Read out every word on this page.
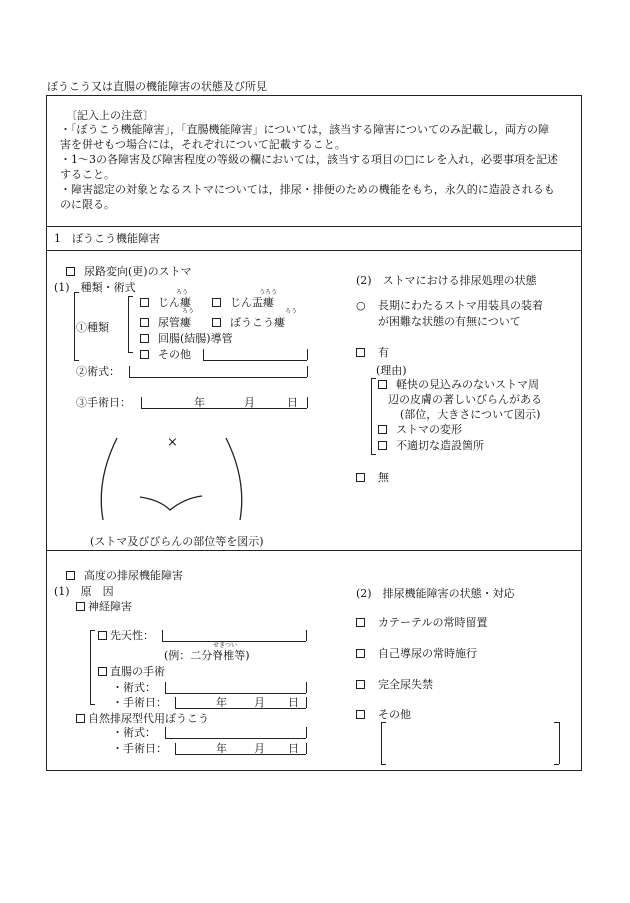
ぼうこう又は直腸の機能障害の状態及び所見
〔記入上の注意〕
・「ぼうこう機能障害」，「直腸機能障害」については，該当する障害についてのみ記載し，両方の障害を併せもつ場合には，それぞれについて記載すること。
・1～3の各障害及び障害程度の等級の欄においては，該当する項目の□にレを入れ，必要事項を記述すること。
・障害認定の対象となるストマについては，排尿・排便のための機能をもち，永久的に造設されるものに限る。
1　ぼうこう機能障害
尿路変向(更)のストマ
(1)　種類・術式
①種類
ろう	うろう
ろう	ろう
じん瘻	じん盂瘻
尿管瘻	ぼうこう瘻
回腸(結腸)導管
その他
②術式：
③手術日：	年	月	日
×
(ストマ及びびらんの部位等を図示)
(2)　ストマにおける排尿処理の状態
○ 長期にわたるストマ用装具の装着
が困難な状態の有無について
有
(理由)
軽快の見込みのないストマ周
辺の皮膚の著しいびらんがある
(部位，大きさについて図示)
ストマの変形
不適切な造設箇所
無
高度の排尿機能障害
(1)　原　因
神経障害
先天性：
せきつい
(例：二分脊椎等)
直腸の手術
・術式：
・手術日：	年 月 日
自然排尿型代用ぼうこう
・術式：
・手術日：	年 月 日
(2)　排尿機能障害の状態・対応
カテーテルの常時留置
自己導尿の常時施行
完全尿失禁
その他
